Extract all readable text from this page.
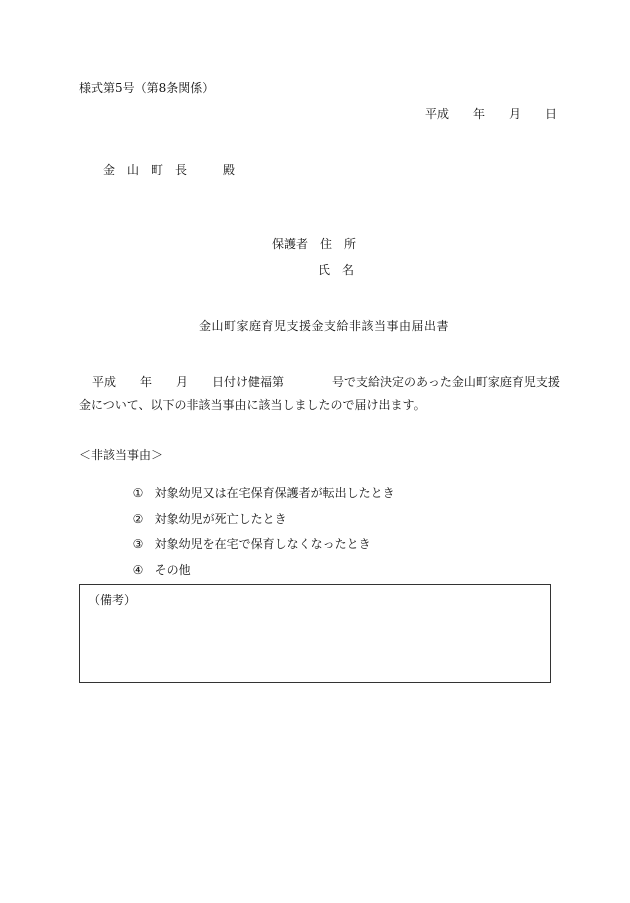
様式第5号（第8条関係）
平成　　年　　月　　日
金　山　町　長　　　殿
保護者　住　所
氏　名
金山町家庭育児支援金支給非該当事由届出書
平成　　年　　月　　日付け健福第　　　　号で支給決定のあった金山町家庭育児支援
金について、以下の非該当事由に該当しましたので届け出ます。
＜非該当事由＞

① 対象幼児又は在宅保育保護者が転出したとき

② 対象幼児が死亡したとき

③ 対象幼児を在宅で保育しなくなったとき

④ その他

（備考）
